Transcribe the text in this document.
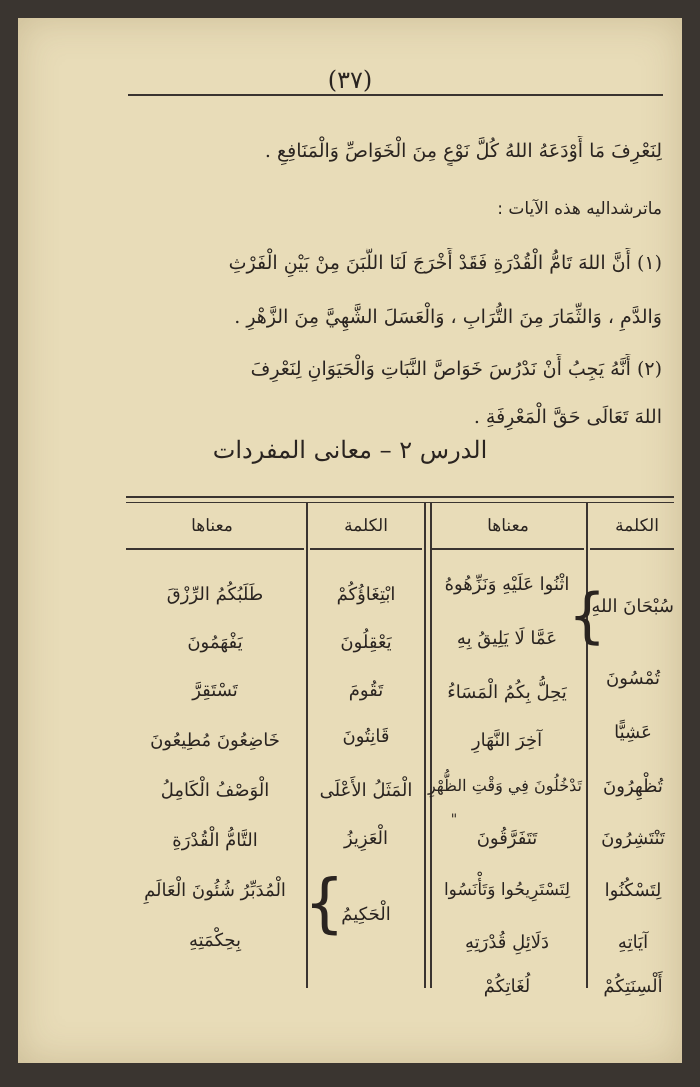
(٣٧)
لِنَعْرِفَ مَا أَوْدَعَهُ اللهُ كُلَّ نَوْعٍ مِنَ الْخَوَاصِّ وَالْمَنَافِعِ .
ماترشداليه هذه الآيات :
(١) أَنَّ اللهَ تَامُّ الْقُدْرَةِ فَقَدْ أَخْرَجَ لَنَا اللَّبَنَ مِنْ بَيْنِ الْفَرْثِ
وَالدَّمِ ، وَالثِّمَارَ مِنَ التُّرَابِ ، وَالْعَسَلَ الشَّهِيَّ مِنَ الزَّهْرِ .
(٢) أَنَّهُ يَجِبُ أَنْ نَدْرُسَ خَوَاصَّ النَّبَاتِ وَالْحَيَوَانِ لِنَعْرِفَ
اللهَ تَعَالَى حَقَّ الْمَعْرِفَةِ .
الدرس ٢ – معانى المفردات
الكلمة
معناها
الكلمة
معناها
سُبْحَانَ اللهِ
تُمْسُونَ
عَشِيًّا
تُظْهِرُونَ
تَنْتَشِرُونَ
لِتَسْكُنُوا
آيَاتِهِ
أَلْسِنَتِكُمْ
}
اثْنُوا عَلَيْهِ وَنَزِّهُوهُ
عَمَّا لَا يَلِيقُ بِهِ
يَحِلُّ بِكُمُ الْمَسَاءُ
آخِرَ النَّهَارِ
تَدْخُلُونَ فِي وَقْتِ الظُّهْرِ
تَتَفَرَّقُونَ
لِتَسْتَرِيحُوا وَتَأْنَسُوا
دَلَائِلِ قُدْرَتِهِ
لُغَاتِكُمْ
"
ابْتِغَاؤُكُمْ
يَعْقِلُونَ
تَقُومَ
قَانِتُونَ
الْمَثَلُ الأَعْلَى
الْعَزِيزُ
الْحَكِيمُ
}
طَلَبُكُمُ الرِّزْقَ
يَفْهَمُونَ
تَسْتَقِرَّ
خَاضِعُونَ مُطِيعُونَ
الْوَصْفُ الْكَامِلُ
التَّامُّ الْقُدْرَةِ
الْمُدَبِّرُ شُئُونَ الْعَالَمِ
بِحِكْمَتِهِ
